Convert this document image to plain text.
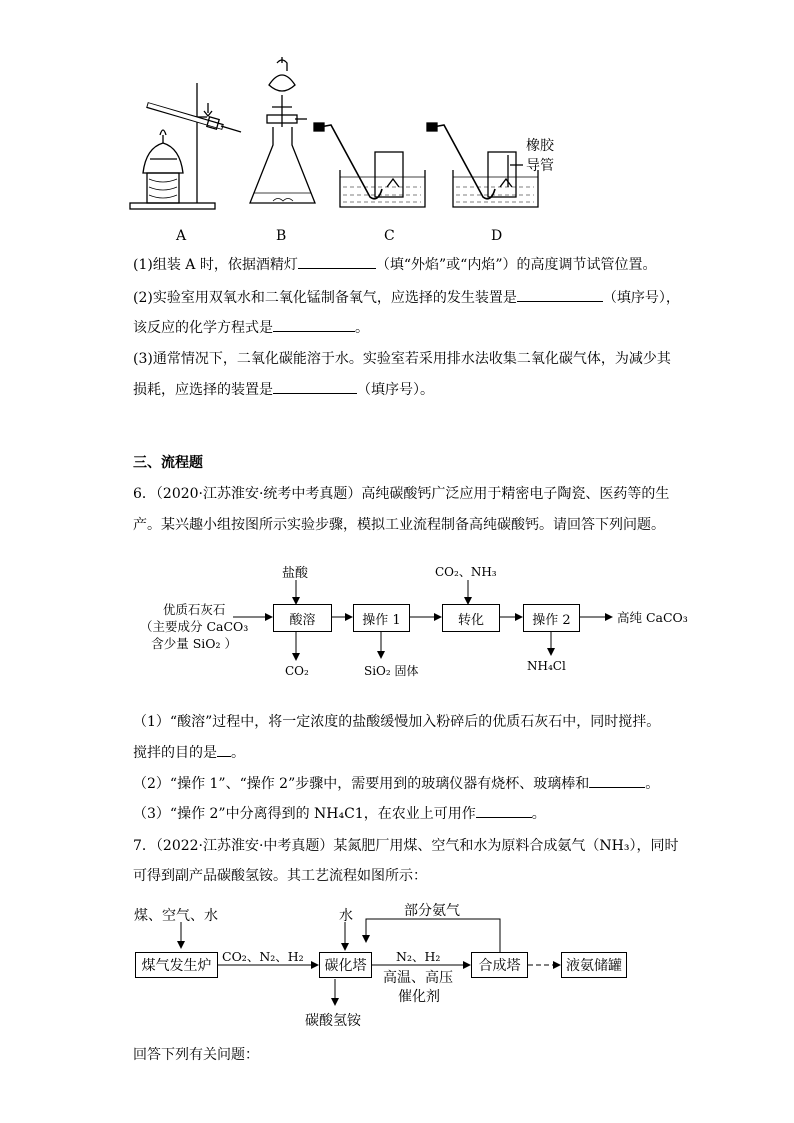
橡胶
导管
A	B	C	D
(1)组装 A 时，依据酒精灯	（填“外焰”或“内焰”）的高度调节试管位置。
(2)实验室用双氧水和二氧化锰制备氧气，应选择的发生装置是	（填序号），
该反应的化学方程式是	。
(3)通常情况下，二氧化碳能溶于水。实验室若采用排水法收集二氧化碳气体，为减少其
损耗，应选择的装置是	（填序号）。
三、流程题
6．（2020·江苏淮安·统考中考真题）高纯碳酸钙广泛应用于精密电子陶瓷、医药等的生
产。某兴趣小组按图所示实验步骤，模拟工业流程制备高纯碳酸钙。请回答下列问题。
优质石灰石
（主要成分 CaCO₃
含少量 SiO₂ ）
盐酸	CO₂、NH₃
酸溶	操作 1	转化	操作 2	高纯 CaCO₃
CO₂	SiO₂ 固体	NH₄Cl
（1）“酸溶”过程中，将一定浓度的盐酸缓慢加入粉碎后的优质石灰石中，同时搅拌。
搅拌的目的是 。
（2）“操作 1”、“操作 2”步骤中，需要用到的玻璃仪器有烧杯、玻璃棒和	。
（3）“操作 2”中分离得到的 NH₄C1，在农业上可用作	。
7．（2022·江苏淮安·中考真题）某氮肥厂用煤、空气和水为原料合成氨气（NH₃），同时
可得到副产品碳酸氢铵。其工艺流程如图所示：
煤、空气、水
煤气发生炉
CO₂、N₂、H₂
水	部分氨气
碳化塔
N₂、H₂
高温、高压
催化剂
合成塔	液氨储罐
碳酸氢铵
回答下列有关问题：
